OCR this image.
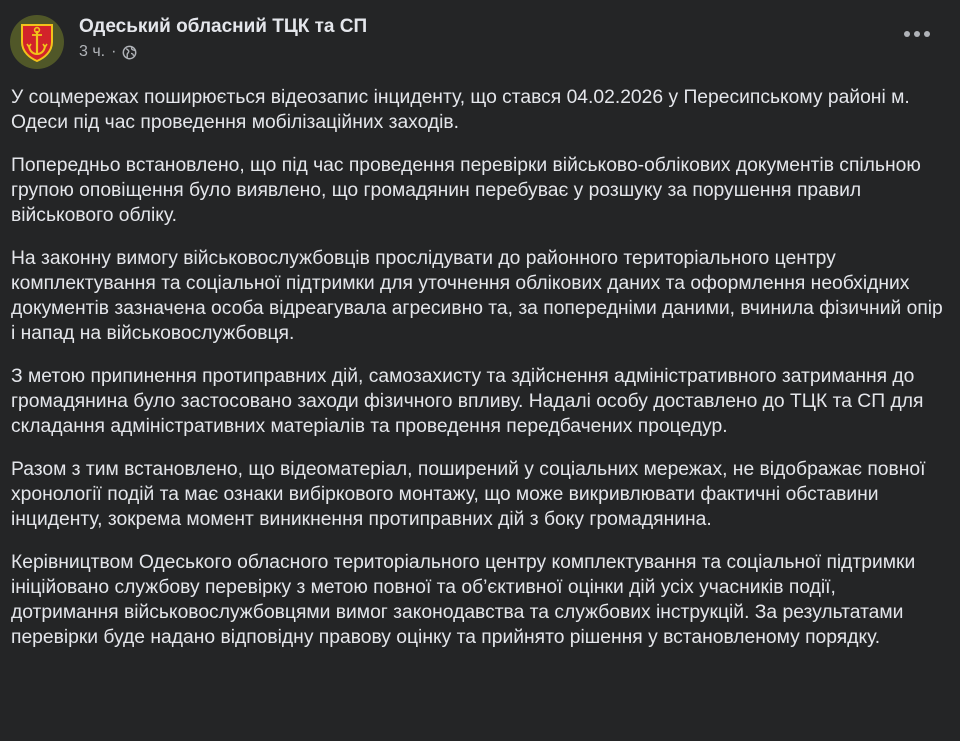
Одеський обласний ТЦК та СП
3 ч. ·

У соцмережах поширюється відеозапис інциденту, що стався 04.02.2026 у Пересипському районі м. Одеси під час проведення мобілізаційних заходів.

Попередньо встановлено, що під час проведення перевірки військово-облікових документів спільною групою оповіщення було виявлено, що громадянин перебуває у розшуку за порушення правил військового обліку.

На законну вимогу військовослужбовців прослідувати до районного територіального центру комплектування та соціальної підтримки для уточнення облікових даних та оформлення необхідних документів зазначена особа відреагувала агресивно та, за попередніми даними, вчинила фізичний опір і напад на військовослужбовця.

З метою припинення протиправних дій, самозахисту та здійснення адміністративного затримання до громадянина було застосовано заходи фізичного впливу. Надалі особу доставлено до ТЦК та СП для складання адміністративних матеріалів та проведення передбачених процедур.

Разом з тим встановлено, що відеоматеріал, поширений у соціальних мережах, не відображає повної хронології подій та має ознаки вибіркового монтажу, що може викривлювати фактичні обставини інциденту, зокрема момент виникнення протиправних дій з боку громадянина.

Керівництвом Одеського обласного територіального центру комплектування та соціальної підтримки ініційовано службову перевірку з метою повної та об’єктивної оцінки дій усіх учасників події, дотримання військовослужбовцями вимог законодавства та службових інструкцій. За результатами перевірки буде надано відповідну правову оцінку та прийнято рішення у встановленому порядку.
